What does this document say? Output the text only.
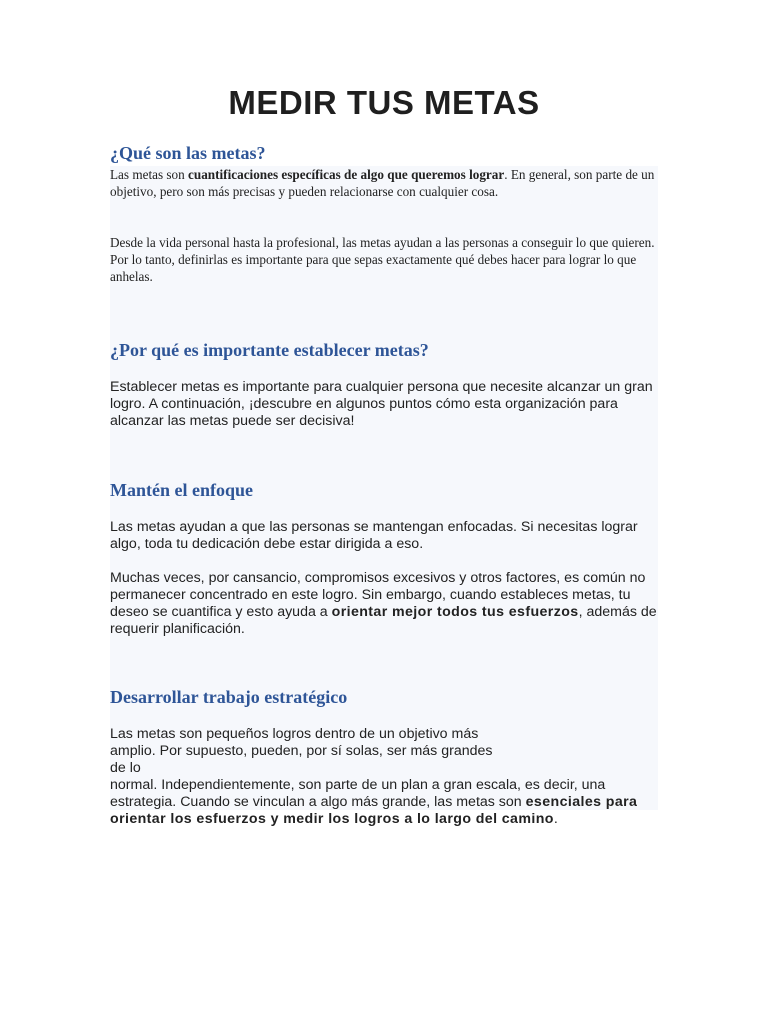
MEDIR TUS METAS
¿Qué son las metas?

Las metas son cuantificaciones específicas de algo que queremos lograr. En general, son parte de un objetivo, pero son más precisas y pueden relacionarse con cualquier cosa.

Desde la vida personal hasta la profesional, las metas ayudan a las personas a conseguir lo que quieren. Por lo tanto, definirlas es importante para que sepas exactamente qué debes hacer para lograr lo que anhelas.

¿Por qué es importante establecer metas?

Establecer metas es importante para cualquier persona que necesite alcanzar un gran logro. A continuación, ¡descubre en algunos puntos cómo esta organización para alcanzar las metas puede ser decisiva!

Mantén el enfoque

Las metas ayudan a que las personas se mantengan enfocadas. Si necesitas lograr algo, toda tu dedicación debe estar dirigida a eso.

Muchas veces, por cansancio, compromisos excesivos y otros factores, es común no permanecer concentrado en este logro. Sin embargo, cuando estableces metas, tu deseo se cuantifica y esto ayuda a orientar mejor todos tus esfuerzos, además de requerir planificación.

Desarrollar trabajo estratégico

Las metas son pequeños logros dentro de un objetivo más amplio. Por supuesto, pueden, por sí solas, ser más grandes de lo
normal. Independientemente, son parte de un plan a gran escala, es decir, una estrategia. Cuando se vinculan a algo más grande, las metas son esenciales para orientar los esfuerzos y medir los logros a lo largo del camino.
